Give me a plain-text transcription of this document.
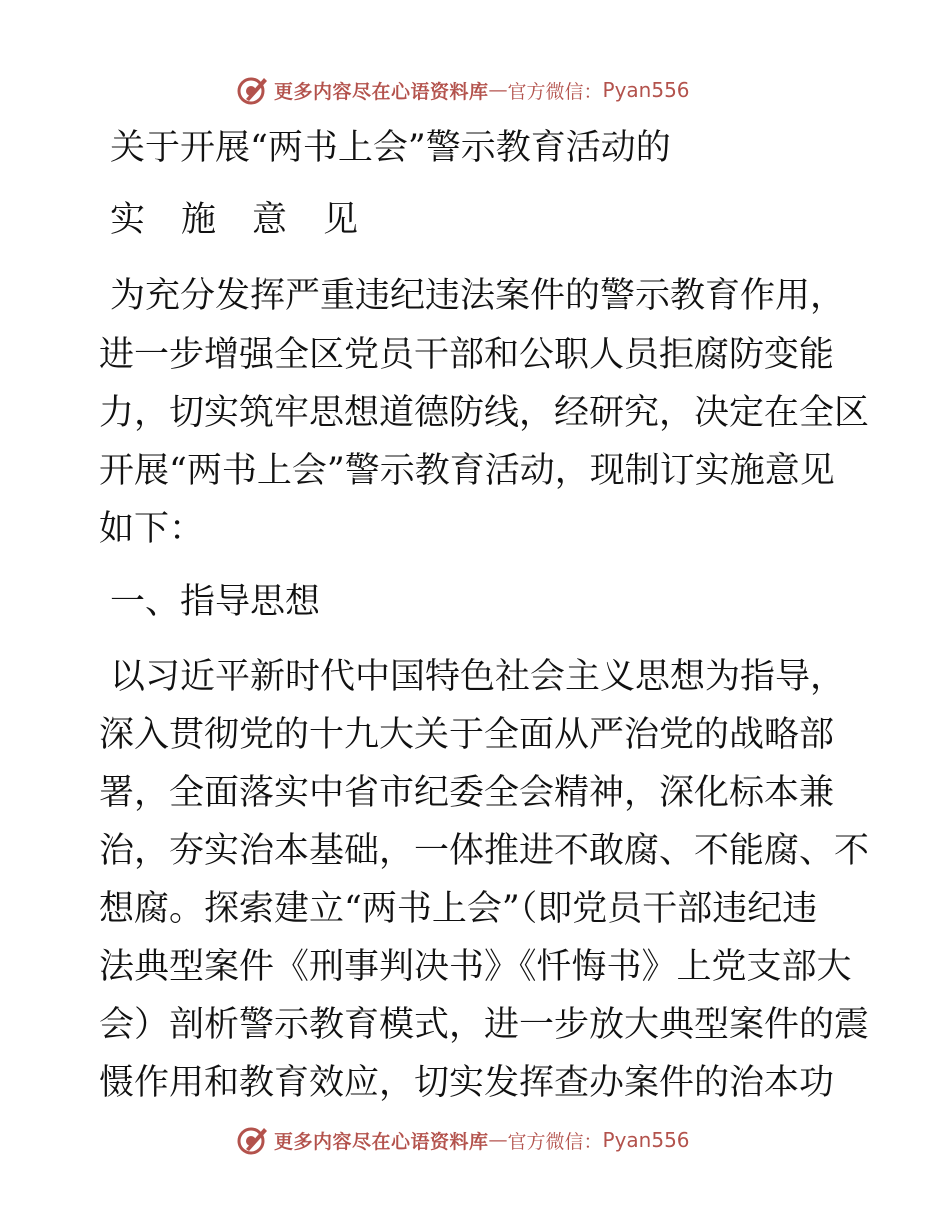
更多内容尽在心语资料库 — 官方微信： Pyan556
关于开展“两书上会”警示教育活动的
实施意见
为充分发挥严重违纪违法案件的警示教育作用，
进一步增强全区党员干部和公职人员拒腐防变能
力，切实筑牢思想道德防线，经研究，决定在全区
开展“两书上会”警示教育活动，现制订实施意见
如下：
一、指导思想
以习近平新时代中国特色社会主义思想为指导，
深入贯彻党的十九大关于全面从严治党的战略部
署，全面落实中省市纪委全会精神，深化标本兼
治，夯实治本基础，一体推进不敢腐、不能腐、不
想腐。探索建立“两书上会”（即党员干部违纪违
法典型案件《刑事判决书》《忏悔书》上党支部大
会）剖析警示教育模式，进一步放大典型案件的震
慑作用和教育效应，切实发挥查办案件的治本功
更多内容尽在心语资料库 — 官方微信： Pyan556
